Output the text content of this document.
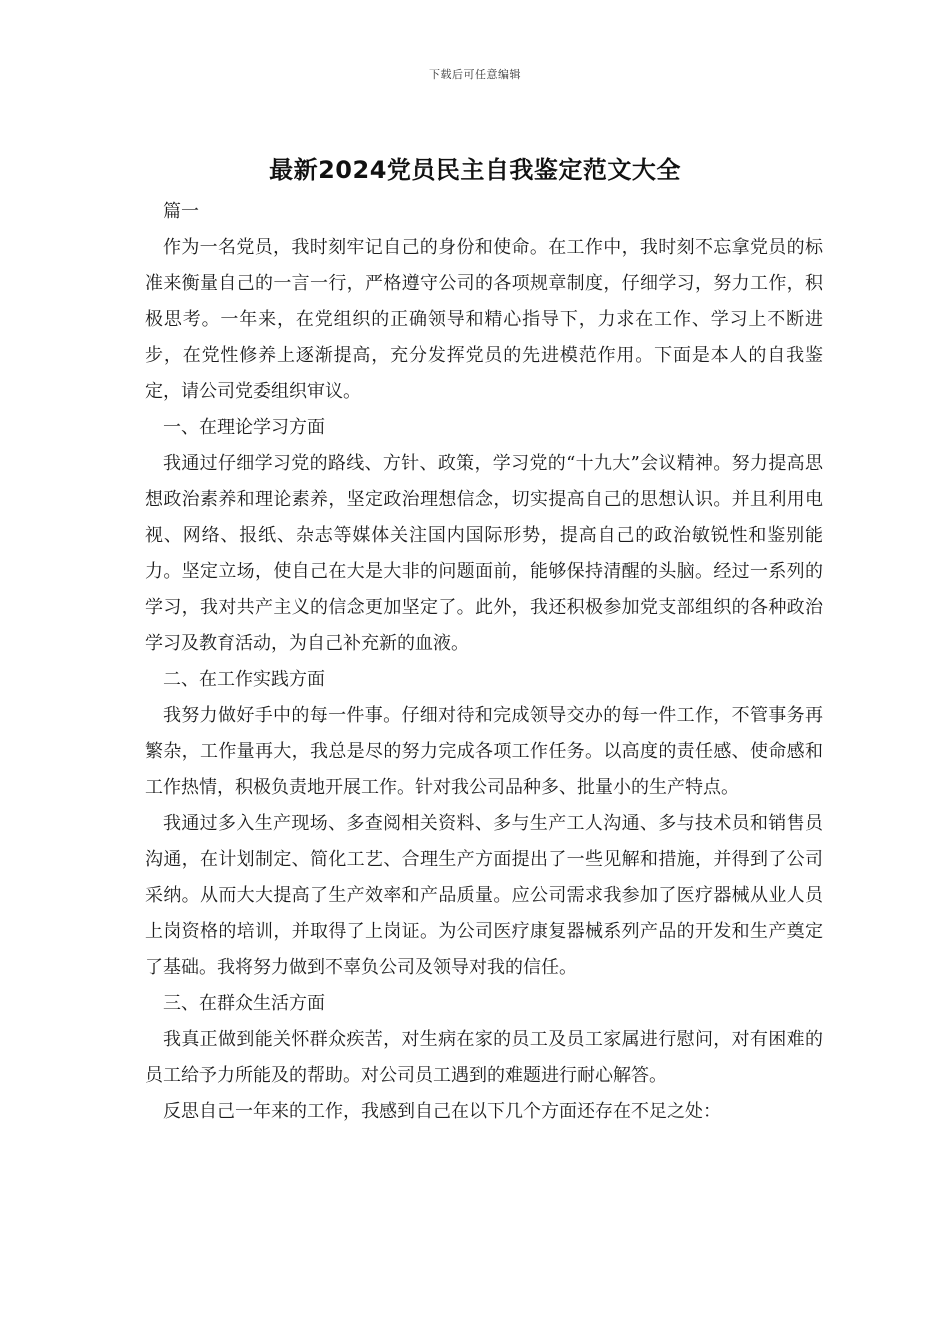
下载后可任意编辑
最新2024党员民主自我鉴定范文大全

篇一

作为一名党员，我时刻牢记自己的身份和使命。在工作中，我时刻不忘拿党员的标准来衡量自己的一言一行，严格遵守公司的各项规章制度，仔细学习，努力工作，积极思考。一年来，在党组织的正确领导和精心指导下，力求在工作、学习上不断进步，在党性修养上逐渐提高，充分发挥党员的先进模范作用。下面是本人的自我鉴定，请公司党委组织审议。

一、在理论学习方面

我通过仔细学习党的路线、方针、政策，学习党的“十九大”会议精神。努力提高思想政治素养和理论素养，坚定政治理想信念，切实提高自己的思想认识。并且利用电视、网络、报纸、杂志等媒体关注国内国际形势，提高自己的政治敏锐性和鉴别能力。坚定立场，使自己在大是大非的问题面前，能够保持清醒的头脑。经过一系列的学习，我对共产主义的信念更加坚定了。此外，我还积极参加党支部组织的各种政治学习及教育活动，为自己补充新的血液。

二、在工作实践方面

我努力做好手中的每一件事。仔细对待和完成领导交办的每一件工作，不管事务再繁杂，工作量再大，我总是尽的努力完成各项工作任务。以高度的责任感、使命感和工作热情，积极负责地开展工作。针对我公司品种多、批量小的生产特点。

我通过多入生产现场、多查阅相关资料、多与生产工人沟通、多与技术员和销售员沟通，在计划制定、简化工艺、合理生产方面提出了一些见解和措施，并得到了公司采纳。从而大大提高了生产效率和产品质量。应公司需求我参加了医疗器械从业人员上岗资格的培训，并取得了上岗证。为公司医疗康复器械系列产品的开发和生产奠定了基础。我将努力做到不辜负公司及领导对我的信任。

三、在群众生活方面

我真正做到能关怀群众疾苦，对生病在家的员工及员工家属进行慰问，对有困难的员工给予力所能及的帮助。对公司员工遇到的难题进行耐心解答。

反思自己一年来的工作，我感到自己在以下几个方面还存在不足之处：
